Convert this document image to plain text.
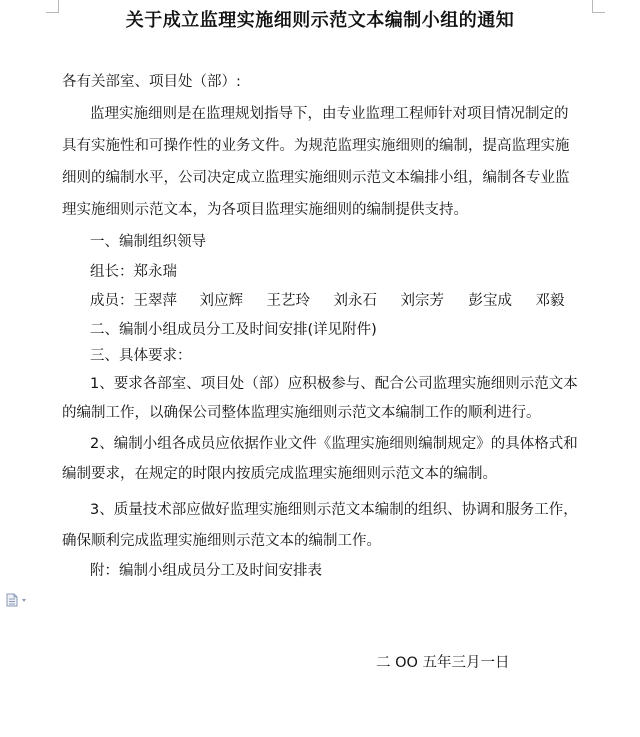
关于成立监理实施细则示范文本编制小组的通知
各有关部室、项目处（部）:
监理实施细则是在监理规划指导下，由专业监理工程师针对项目情况制定的
具有实施性和可操作性的业务文件。为规范监理实施细则的编制，提高监理实施
细则的编制水平，公司决定成立监理实施细则示范文本编排小组，编制各专业监
理实施细则示范文本，为各项目监理实施细则的编制提供支持。
一、编制组织领导
组长：郑永瑞
成员：王翠萍 刘应辉 王艺玲 刘永石 刘宗芳 彭宝成 邓毅
二、编制小组成员分工及时间安排(详见附件)
三、具体要求：
1、要求各部室、项目处（部）应积极参与、配合公司监理实施细则示范文本
的编制工作，以确保公司整体监理实施细则示范文本编制工作的顺利进行。
2、编制小组各成员应依据作业文件《监理实施细则编制规定》的具体格式和
编制要求，在规定的时限内按质完成监理实施细则示范文本的编制。
3、质量技术部应做好监理实施细则示范文本编制的组织、协调和服务工作，
确保顺利完成监理实施细则示范文本的编制工作。
附：编制小组成员分工及时间安排表
二 OO 五年三月一日
